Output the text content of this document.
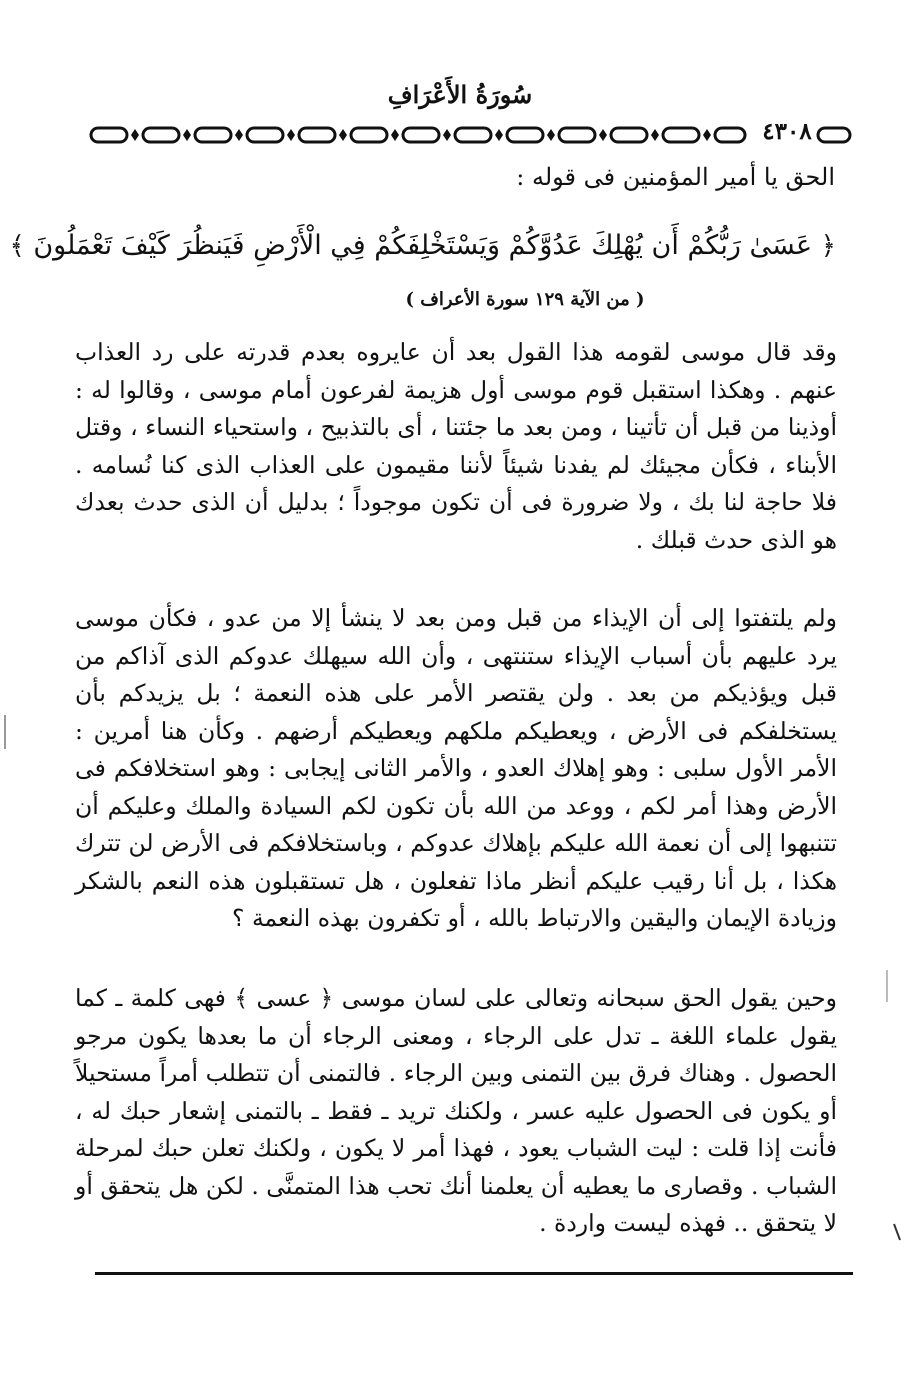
سُورَةُ الأَعْرَافِ
٤٣٠٨
الحق يا أمير المؤمنين فى قوله :
﴿ عَسَىٰ رَبُّكُمْ أَن يُهْلِكَ عَدُوَّكُمْ وَيَسْتَخْلِفَكُمْ فِي الْأَرْضِ فَيَنظُرَ كَيْفَ تَعْمَلُونَ ﴾
( من الآية ١٢٩ سورة الأعراف )

وقد قال موسى لقومه هذا القول بعد أن عايروه بعدم قدرته على رد العذاب عنهم . وهكذا استقبل قوم موسى أول هزيمة لفرعون أمام موسى ، وقالوا له : أوذينا من قبل أن تأتينا ، ومن بعد ما جئتنا ، أى بالتذبيح ، واستحياء النساء ، وقتل الأبناء ، فكأن مجيئك لم يفدنا شيئاً لأننا مقيمون على العذاب الذى كنا نُسامه . فلا حاجة لنا بك ، ولا ضرورة فى أن تكون موجوداً ؛ بدليل أن الذى حدث بعدك هو الذى حدث قبلك .

ولم يلتفتوا إلى أن الإيذاء من قبل ومن بعد لا ينشأ إلا من عدو ، فكأن موسى يرد عليهم بأن أسباب الإيذاء ستنتهى ، وأن الله سيهلك عدوكم الذى آذاكم من قبل ويؤذيكم من بعد . ولن يقتصر الأمر على هذه النعمة ؛ بل يزيدكم بأن يستخلفكم فى الأرض ، ويعطيكم ملكهم ويعطيكم أرضهم . وكأن هنا أمرين : الأمر الأول سلبى : وهو إهلاك العدو ، والأمر الثانى إيجابى : وهو استخلافكم فى الأرض وهذا أمر لكم ، ووعد من الله بأن تكون لكم السيادة والملك وعليكم أن تتنبهوا إلى أن نعمة الله عليكم بإهلاك عدوكم ، وباستخلافكم فى الأرض لن تترك هكذا ، بل أنا رقيب عليكم أنظر ماذا تفعلون ، هل تستقبلون هذه النعم بالشكر وزيادة الإيمان واليقين والارتباط بالله ، أو تكفرون بهذه النعمة ؟

وحين يقول الحق سبحانه وتعالى على لسان موسى ﴿ عسى ﴾ فهى كلمة ـ كما يقول علماء اللغة ـ تدل على الرجاء ، ومعنى الرجاء أن ما بعدها يكون مرجو الحصول . وهناك فرق بين التمنى وبين الرجاء . فالتمنى أن تتطلب أمراً مستحيلاً أو يكون فى الحصول عليه عسر ، ولكنك تريد ـ فقط ـ بالتمنى إشعار حبك له ، فأنت إذا قلت : ليت الشباب يعود ، فهذا أمر لا يكون ، ولكنك تعلن حبك لمرحلة الشباب . وقصارى ما يعطيه أن يعلمنا أنك تحب هذا المتمنَّى . لكن هل يتحقق أو لا يتحقق .. فهذه ليست واردة .
